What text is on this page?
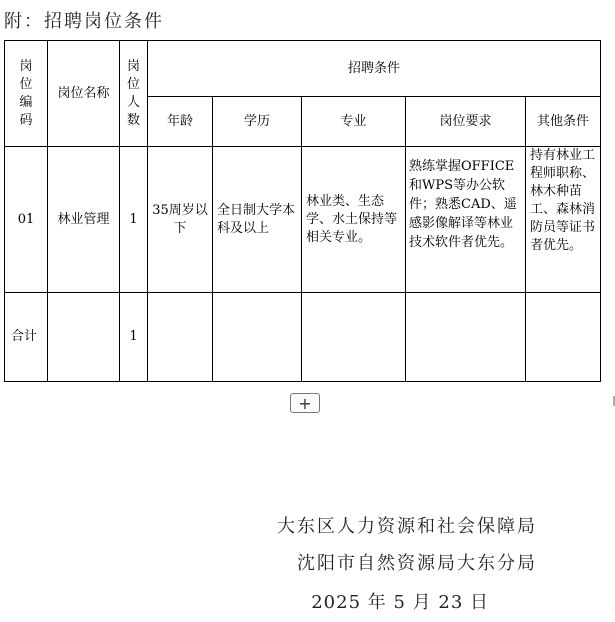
附：招聘岗位条件
岗位编码	岗位名称	岗位人数	招聘条件				
			年龄	学历	专业	岗位要求	其他条件
01	林业管理	1	35周岁以下	全日制大学本科及以上	林业类、生态学、水土保持等相关专业。	熟练掌握OFFICE和WPS等办公软件；熟悉CAD、遥感影像解译等林业技术软件者优先。	持有林业工程师职称、林木种苗工、森林消防员等证书者优先。

合计		1					
+
大东区人力资源和社会保障局
沈阳市自然资源局大东分局
2025 年 5 月 23 日
